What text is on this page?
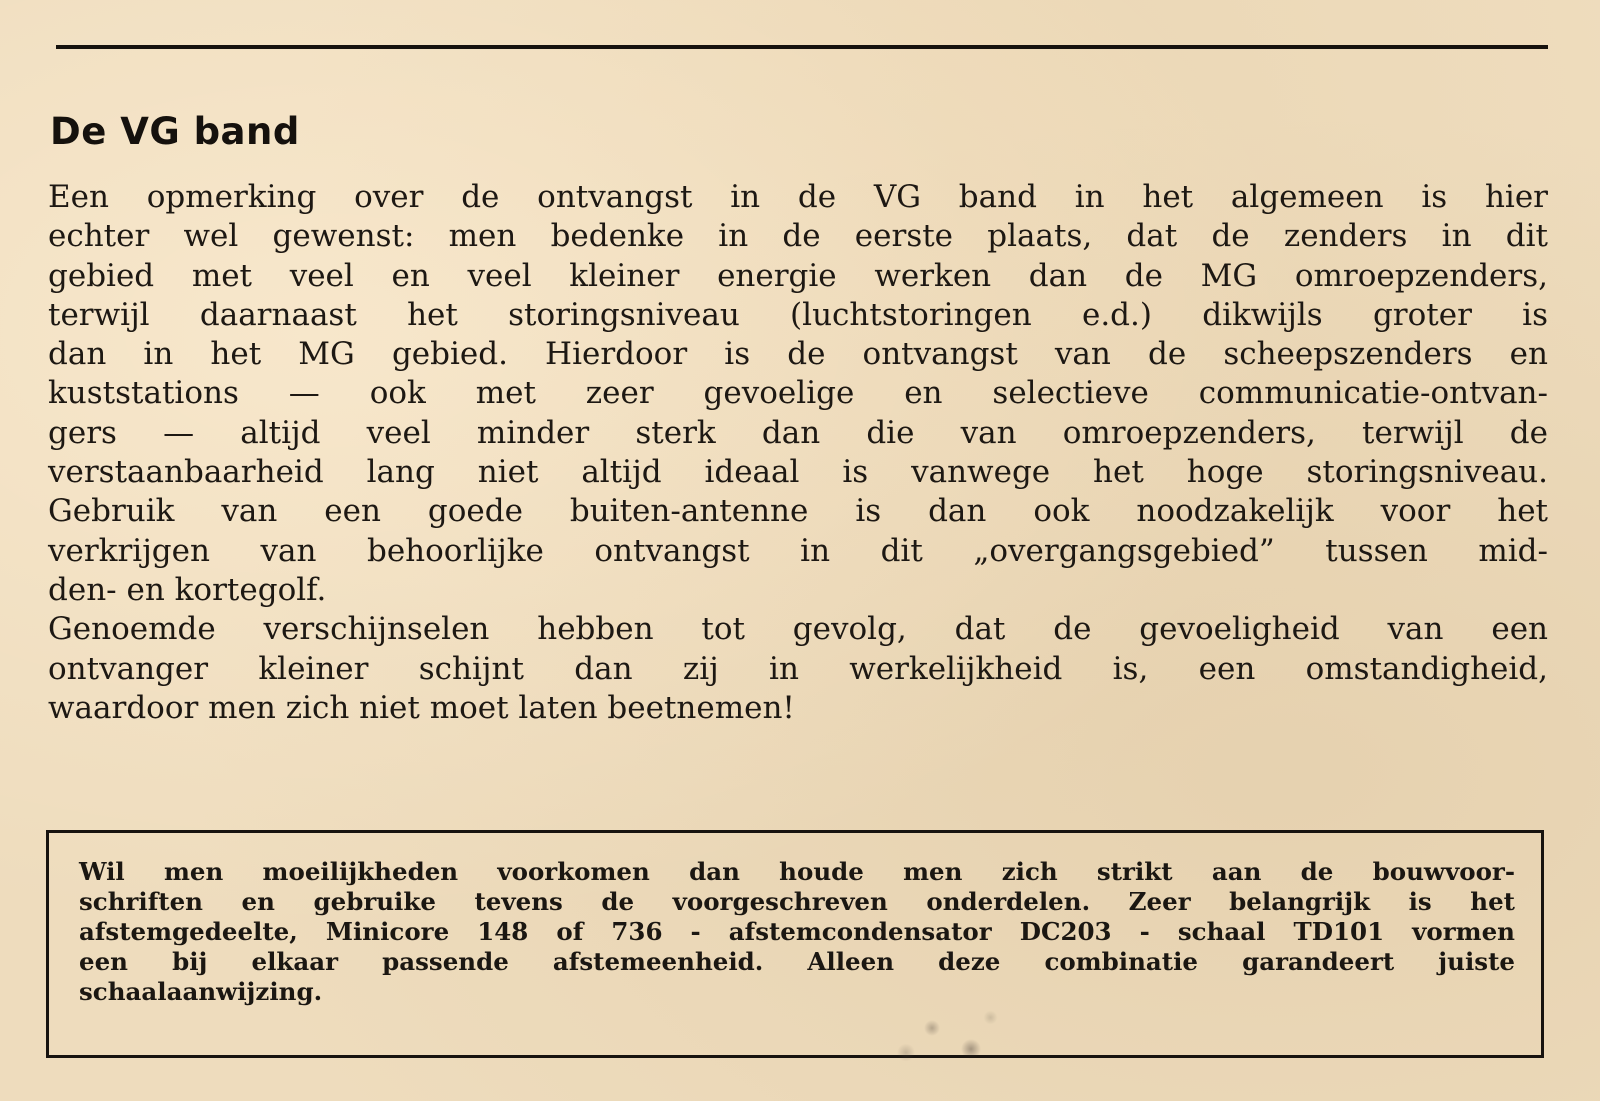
De VG band
Een opmerking over de ontvangst in de VG band in het algemeen is hier
echter wel gewenst: men bedenke in de eerste plaats, dat de zenders in dit
gebied met veel en veel kleiner energie werken dan de MG omroepzenders,
terwijl daarnaast het storingsniveau (luchtstoringen e.d.) dikwijls groter is
dan in het MG gebied. Hierdoor is de ontvangst van de scheepszenders en
kuststations — ook met zeer gevoelige en selectieve communicatie-ontvan-
gers — altijd veel minder sterk dan die van omroepzenders, terwijl de
verstaanbaarheid lang niet altijd ideaal is vanwege het hoge storingsniveau.
Gebruik van een goede buiten-antenne is dan ook noodzakelijk voor het
verkrijgen van behoorlijke ontvangst in dit „overgangsgebied” tussen mid-
den- en kortegolf.
Genoemde verschijnselen hebben tot gevolg, dat de gevoeligheid van een
ontvanger kleiner schijnt dan zij in werkelijkheid is, een omstandigheid,
waardoor men zich niet moet laten beetnemen!
Wil men moeilijkheden voorkomen dan houde men zich strikt aan de bouwvoor-
schriften en gebruike tevens de voorgeschreven onderdelen. Zeer belangrijk is het
afstemgedeelte, Minicore 148 of 736 - afstemcondensator DC203 - schaal TD101 vormen
een bij elkaar passende afstemeenheid. Alleen deze combinatie garandeert juiste
schaalaanwijzing.
